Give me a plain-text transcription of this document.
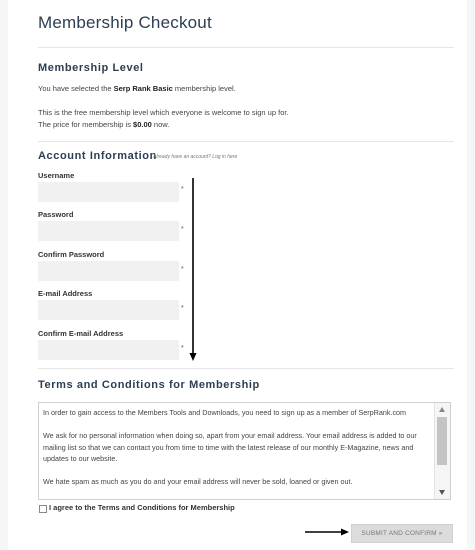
Membership Checkout
Membership Level
You have selected the Serp Rank Basic membership level.
This is the free membership level which everyone is welcome to sign up for.
The price for membership is $0.00 now.
Account Information
Already have an account? Log in here
Username
*
Password
*
Confirm Password
*
E-mail Address
*
Confirm E-mail Address
*
Terms and Conditions for Membership

In order to gain access to the Members Tools and Downloads, you need to sign up as a member of SerpRank.com

We ask for no personal information when doing so, apart from your email address. Your email address is added to our mailing list so that we can contact you from time to time with the latest release of our monthly E-Magazine, news and updates to our website.

We hate spam as much as you do and your email address will never be sold, loaned or given out.

I agree to the Terms and Conditions for Membership
SUBMIT AND CONFIRM »
